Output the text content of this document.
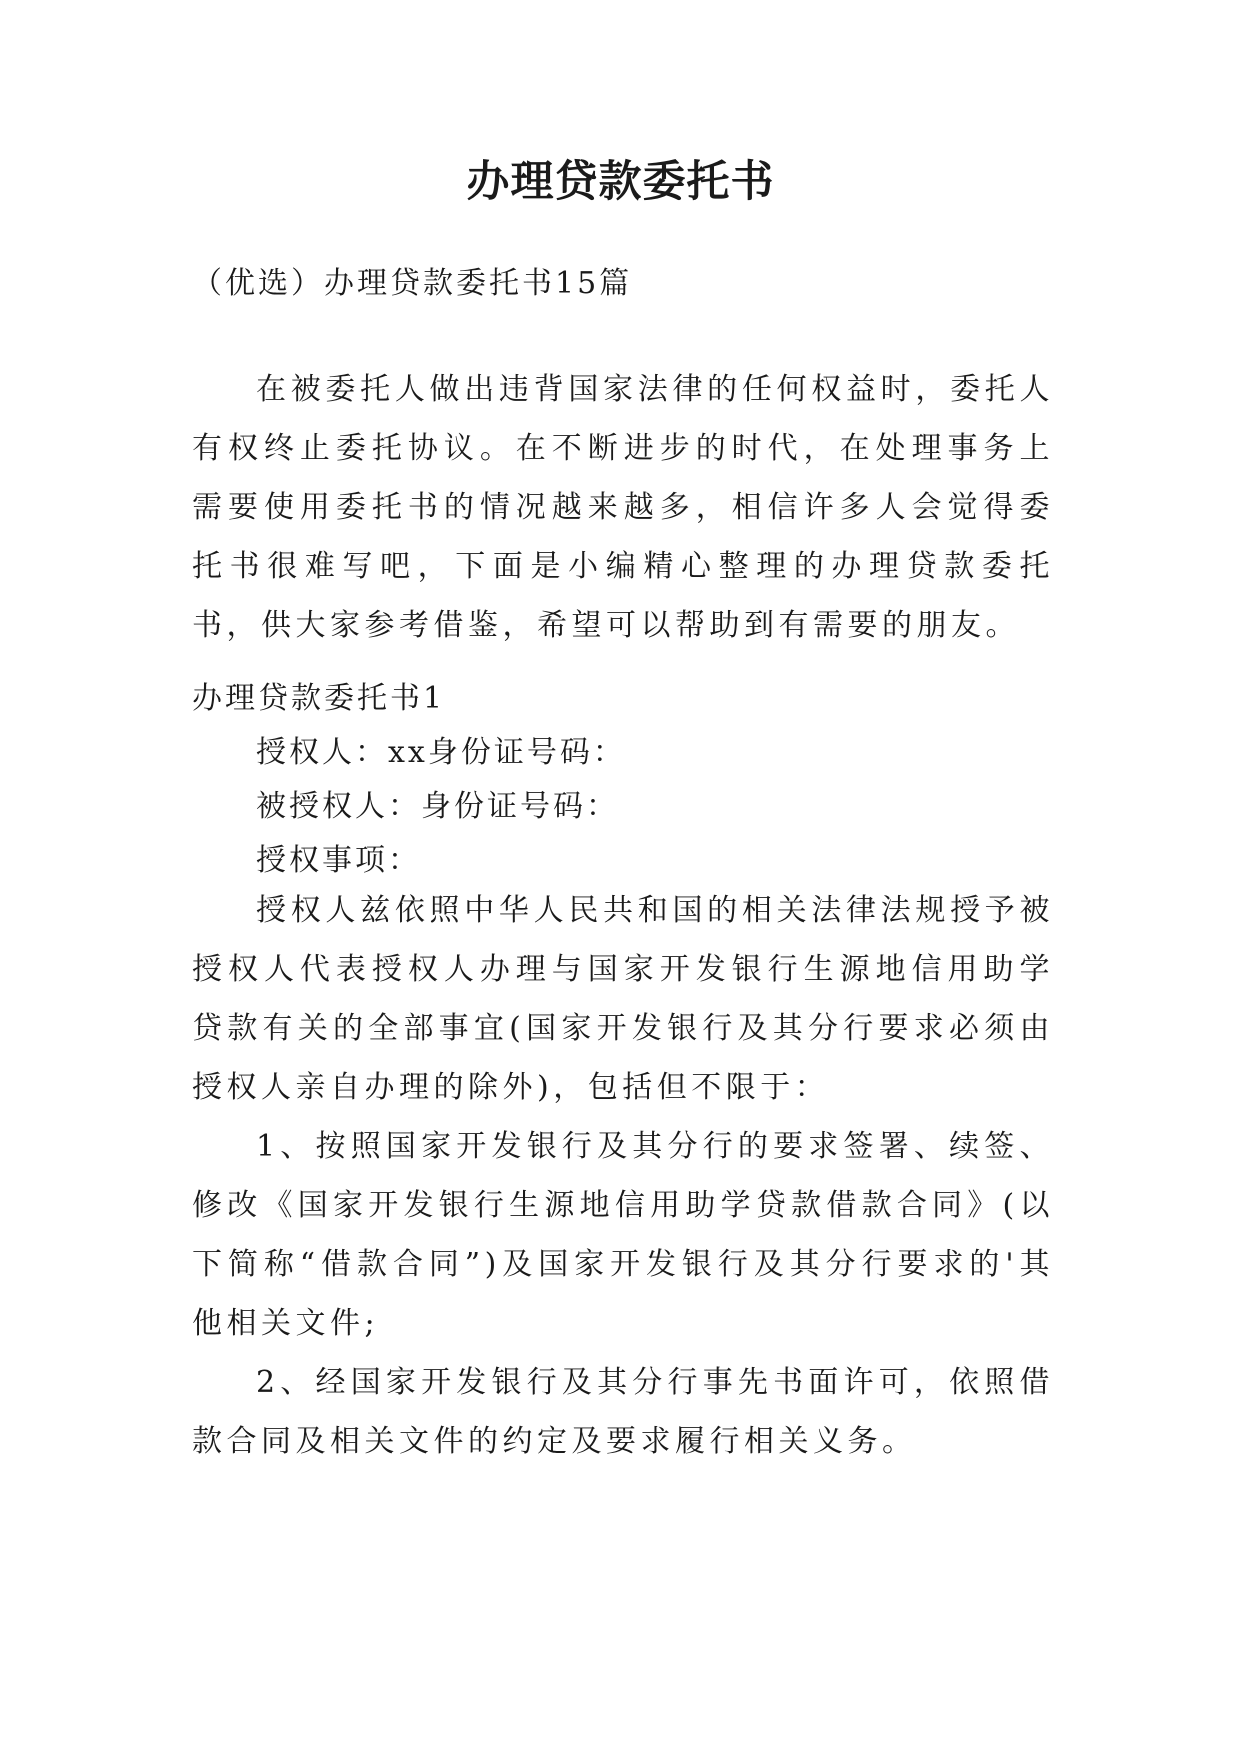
办理贷款委托书
（优选）办理贷款委托书15篇
在被委托人做出违背国家法律的任何权益时，委托人有权终止委托协议。在不断进步的时代，在处理事务上需要使用委托书的情况越来越多，相信许多人会觉得委托书很难写吧，下面是小编精心整理的办理贷款委托书，供大家参考借鉴，希望可以帮助到有需要的朋友。
办理贷款委托书1
授权人：xx身份证号码：
被授权人：身份证号码：
授权事项：
授权人兹依照中华人民共和国的相关法律法规授予被授权人代表授权人办理与国家开发银行生源地信用助学贷款有关的全部事宜(国家开发银行及其分行要求必须由授权人亲自办理的除外)，包括但不限于：
1、按照国家开发银行及其分行的要求签署、续签、修改《国家开发银行生源地信用助学贷款借款合同》(以下简称“借款合同”)及国家开发银行及其分行要求的'其他相关文件;
2、经国家开发银行及其分行事先书面许可，依照借款合同及相关文件的约定及要求履行相关义务。
